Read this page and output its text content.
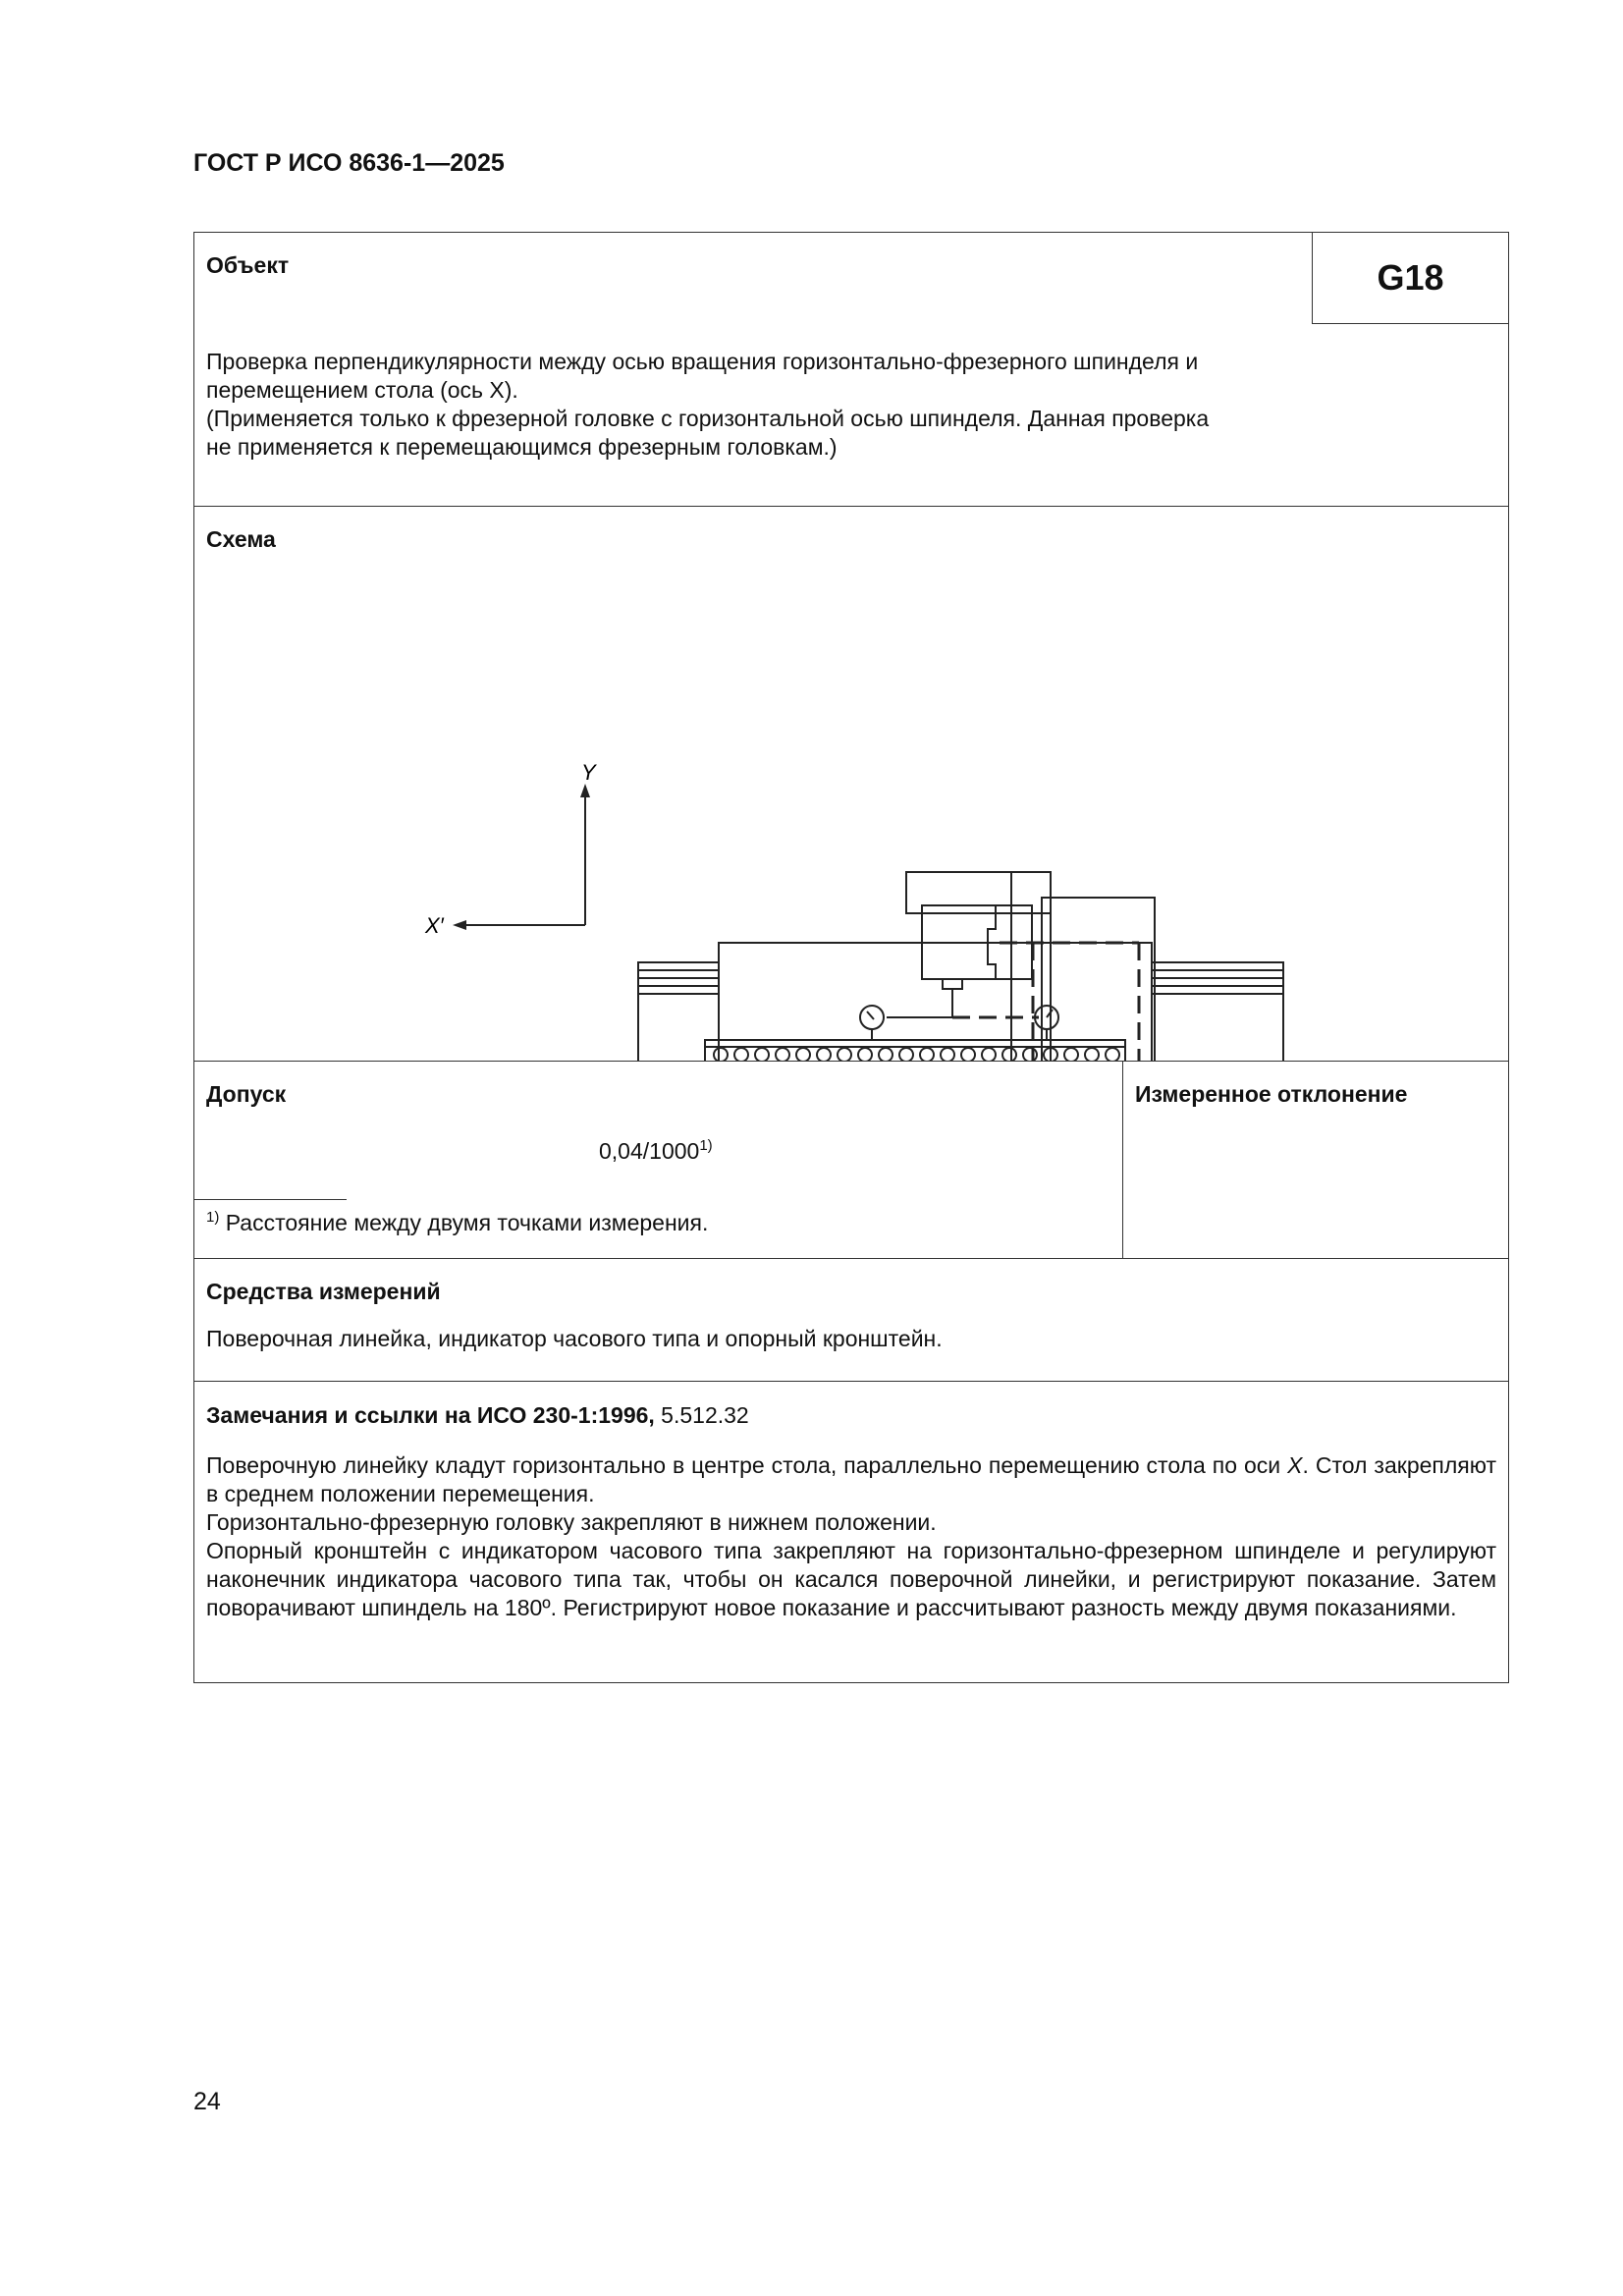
ГОСТ Р ИСО 8636-1—2025
G18
Объект
Проверка перпендикулярности между осью вращения горизонтально-фрезерного шпинделя и
перемещением стола (ось X).
(Применяется только к фрезерной головке с горизонтальной осью шпинделя. Данная проверка
не применяется к перемещающимся фрезерным головкам.)

Схема
Y
X′

Допуск
0,04/1000$^{1)}$
$^{1)}$ Расстояние между двумя точками измерения.

Измеренное отклонение

Средства измерений
Поверочная линейка, индикатор часового типа и опорный кронштейн.

Замечания и ссылки на ИСО 230-1:1996, 5.512.32
Поверочную линейку кладут горизонтально в центре стола, параллельно перемещению стола по оси X. Стол закрепляют в среднем положении перемещения.
Горизонтально-фрезерную головку закрепляют в нижнем положении.
Опорный кронштейн с индикатором часового типа закрепляют на горизонтально-фрезерном шпинделе и регулируют наконечник индикатора часового типа так, чтобы он касался поверочной линейки, и регистрируют показание. Затем поворачивают шпиндель на 180º. Регистрируют новое показание и рассчитывают разность между двумя показаниями.
24
